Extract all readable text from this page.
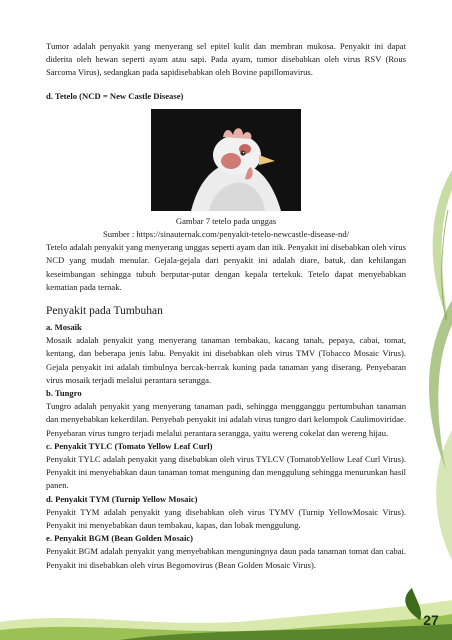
Tumor adalah penyakit yang menyerang sel epitel kulit dan membran mukosa. Penyakit ini dapat diderita oleh hewan seperti ayam atau sapi. Pada ayam, tumor disebabkan oleh virus RSV (Rous Sarcoma Virus), sedangkan pada sapidisebabkan oleh Bovine papillomavirus.

d. Tetelo (NCD = New Castle Disease)
Gambar 7 tetelo pada unggas
Sumber : https://sinauternak.com/penyakit-tetelo-newcastle-disease-nd/

Tetelo adalah penyakit yang menyerang unggas seperti ayam dan itik. Penyakit ini disebabkan oleh virus NCD yang mudah menular. Gejala-gejala dari penyakit ini adalah diare, batuk, dan kehilangan keseimbangan sehingga tubuh berputar-putar dengan kepala tertekuk. Tetelo dapat menyebabkan kematian pada ternak.

Penyakit pada Tumbuhan
a. Mosaik

Mosaik adalah penyakit yang menyerang tanaman tembakau, kacang tanah, pepaya, cabai, tomat, kentang, dan beberapa jenis labu. Penyakit ini disebabkan oleh virus TMV (Tobacco Mosaic Virus). Gejala penyakit ini adalah timbulnya bercak-bercak kuning pada tanaman yang diserang. Penyebaran virus mosaik terjadi melalui perantara serangga.

b. Tungro

Tungro adalah penyakit yang menyerang tanaman padi, sehingga mengganggu pertumbuhan tanaman dan menyebabkan kekerdilan. Penyebab penyakit ini adalah virus tungro dari kelompok Caulimoviridae. Penyebaran virus tungro terjadi melalui perantara serangga, yaitu wereng cokelat dan wereng hijau.

c. Penyakit TYLC (Tomato Yellow Leaf Curl)

Penyakit TYLC adalah penyakit yang disebabkan oleh virus TYLCV (TomatobYellow Leaf Curl Virus). Penyakit ini menyebabkan daun tanaman tomat menguning dan menggulung sehingga menurunkan hasil panen.

d. Penyakit TYM (Turnip Yellow Mosaic)

Penyakit TYM adalah penyakit yang disebabkan oleh virus TYMV (Turnip YellowMosaic Virus). Penyakit ini menyebabkan daun tembakau, kapas, dan lobak menggulung.

e. Penyakit BGM (Bean Golden Mosaic)

Penyakit BGM adalah penyakit yang menyebabkan menguningnya daun pada tanaman tomat dan cabai. Penyakit ini disebabkan oleh virus Begomovirus (Bean Golden Mosaic Virus).

27
